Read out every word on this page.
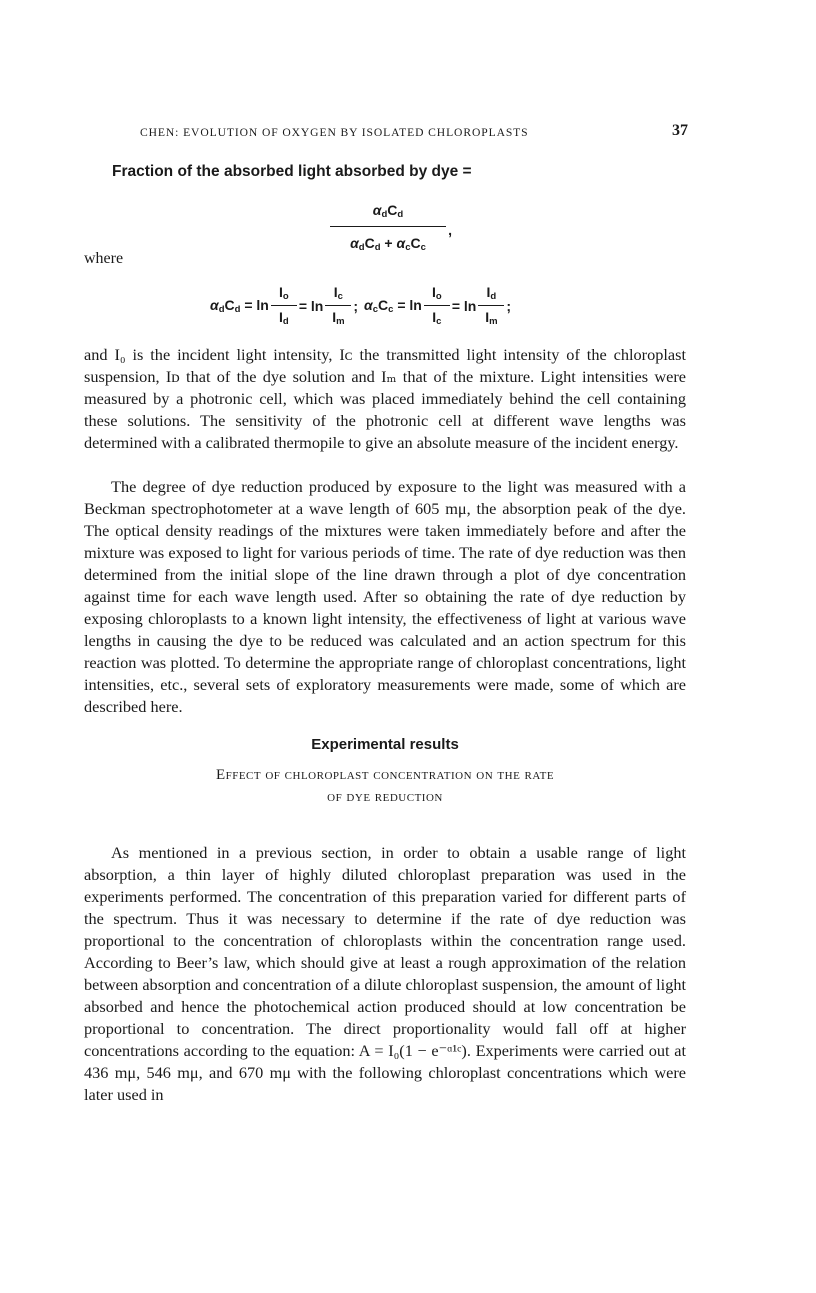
CHEN: EVOLUTION OF OXYGEN BY ISOLATED CHLOROPLASTS	37
Fraction of the absorbed light absorbed by dye =
$\alpha_dC_d$
$\alpha_dC_d + \alpha_cC_c$
,
where
$\alpha_dC_d = \ln \frac{I_o}{I_d} = \ln \frac{I_c}{I_m}$ ; $\alpha_cC_c = \ln \frac{I_o}{I_c} = \ln \frac{I_d}{I_m}$ ;

and I₀ is the incident light intensity, Iᴄ the transmitted light intensity of the chloroplast suspension, Iᴅ that of the dye solution and Iₘ that of the mixture. Light intensities were measured by a photronic cell, which was placed immediately behind the cell containing these solutions. The sensitivity of the photronic cell at different wave lengths was determined with a calibrated thermopile to give an absolute measure of the incident energy.

The degree of dye reduction produced by exposure to the light was measured with a Beckman spectrophotometer at a wave length of 605 mμ, the absorption peak of the dye. The optical density readings of the mixtures were taken immediately before and after the mixture was exposed to light for various periods of time. The rate of dye reduction was then determined from the initial slope of the line drawn through a plot of dye concentration against time for each wave length used. After so obtaining the rate of dye reduction by exposing chloroplasts to a known light intensity, the effectiveness of light at various wave lengths in causing the dye to be reduced was calculated and an action spectrum for this reaction was plotted. To determine the appropriate range of chloroplast concentrations, light intensities, etc., several sets of exploratory measurements were made, some of which are described here.

Experimental results
Effect of chloroplast concentration on the rate
of dye reduction

As mentioned in a previous section, in order to obtain a usable range of light absorption, a thin layer of highly diluted chloroplast preparation was used in the experiments performed. The concentration of this preparation varied for different parts of the spectrum. Thus it was necessary to determine if the rate of dye reduction was proportional to the concentration of chloroplasts within the concentration range used. According to Beer’s law, which should give at least a rough approximation of the relation between absorption and concentration of a dilute chloroplast suspension, the amount of light absorbed and hence the photochemical action produced should at low concentration be proportional to concentration. The direct proportionality would fall off at higher concentrations according to the equation: A = I₀(1 − e⁻ᵅ¹ᶜ). Experiments were carried out at 436 mμ, 546 mμ, and 670 mμ with the following chloroplast concentrations which were later used in
